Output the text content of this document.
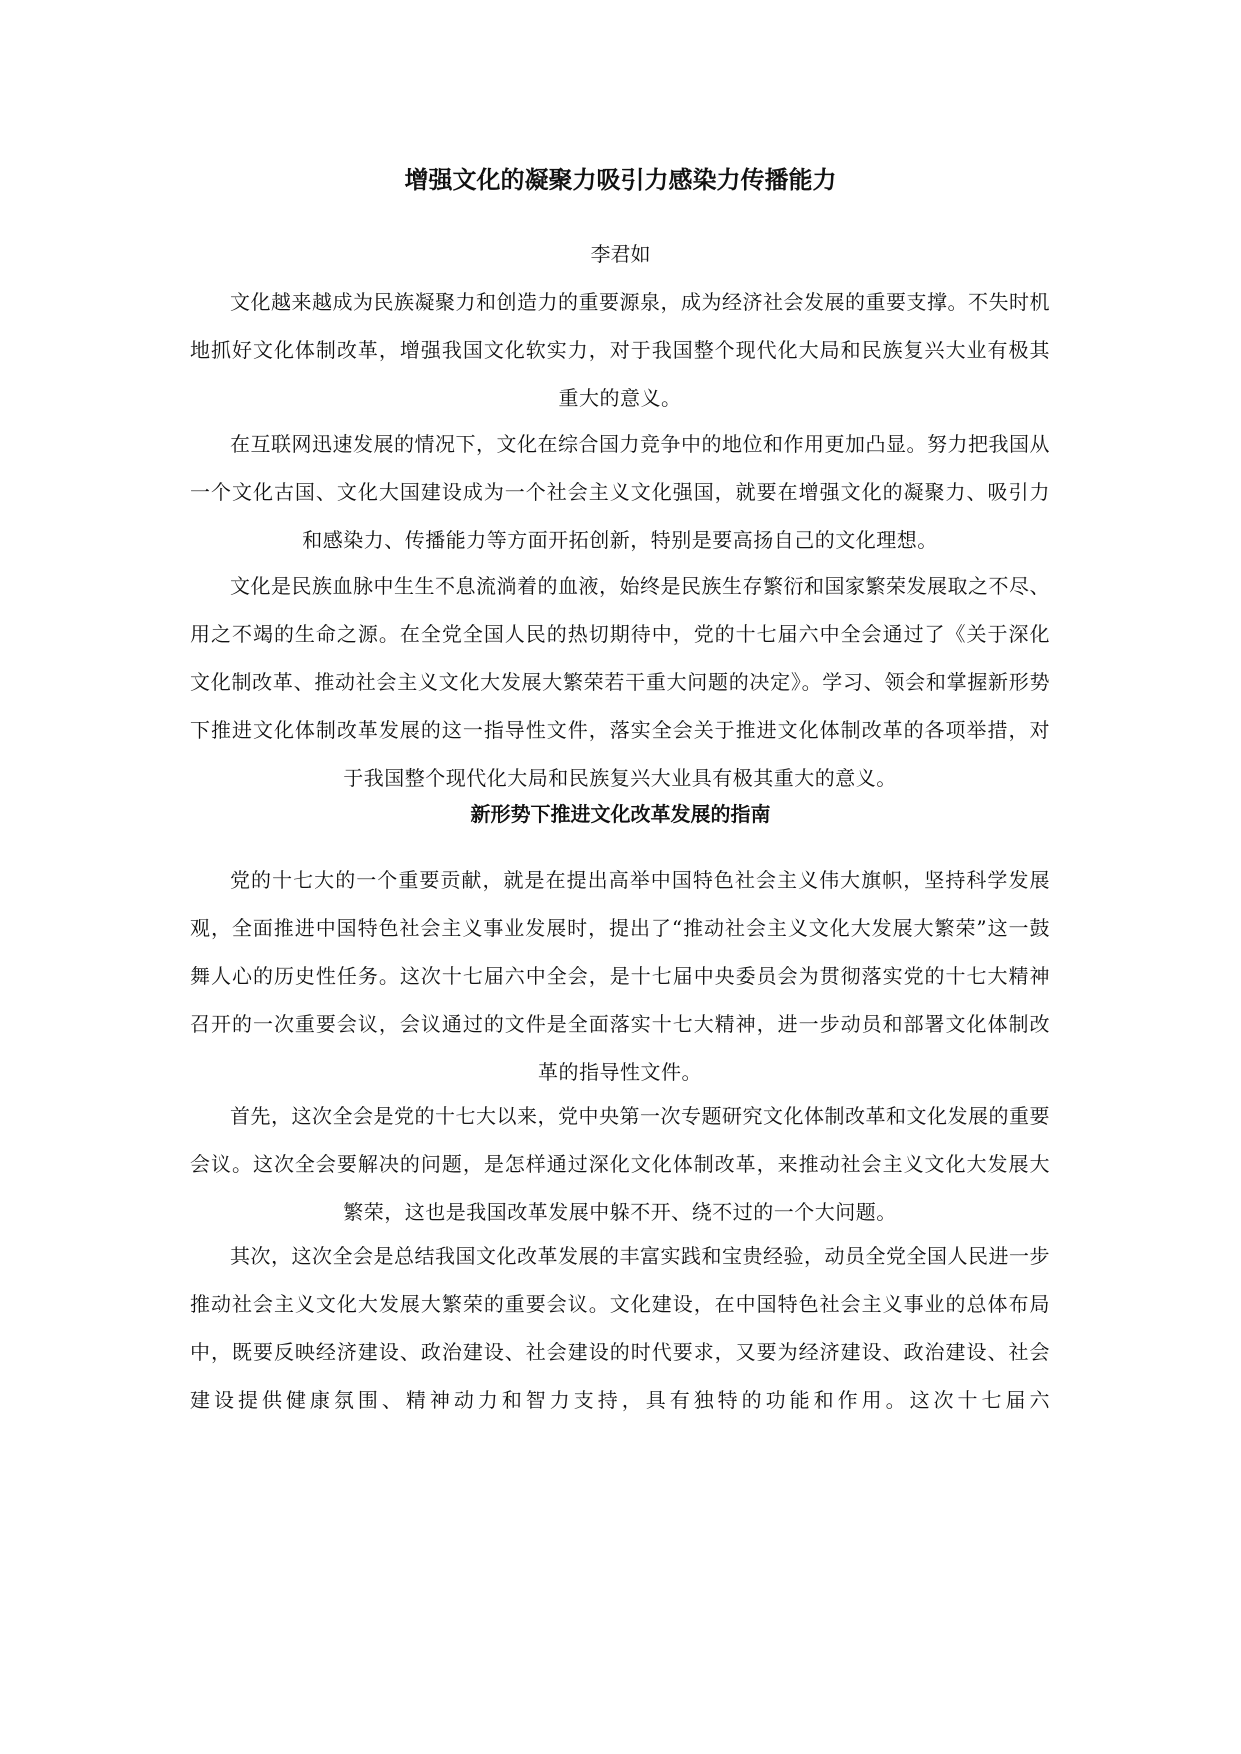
增强文化的凝聚力吸引力感染力传播能力

李君如

文化越来越成为民族凝聚力和创造力的重要源泉，成为经济社会发展的重要支撑。不失时机地抓好文化体制改革，增强我国文化软实力，对于我国整个现代化大局和民族复兴大业有极其重大的意义。

在互联网迅速发展的情况下，文化在综合国力竞争中的地位和作用更加凸显。努力把我国从一个文化古国、文化大国建设成为一个社会主义文化强国，就要在增强文化的凝聚力、吸引力和感染力、传播能力等方面开拓创新，特别是要高扬自己的文化理想。

文化是民族血脉中生生不息流淌着的血液，始终是民族生存繁衍和国家繁荣发展取之不尽、用之不竭的生命之源。在全党全国人民的热切期待中，党的十七届六中全会通过了《关于深化文化制改革、推动社会主义文化大发展大繁荣若干重大问题的决定》。学习、领会和掌握新形势下推进文化体制改革发展的这一指导性文件，落实全会关于推进文化体制改革的各项举措，对于我国整个现代化大局和民族复兴大业具有极其重大的意义。

新形势下推进文化改革发展的指南

党的十七大的一个重要贡献，就是在提出高举中国特色社会主义伟大旗帜，坚持科学发展观，全面推进中国特色社会主义事业发展时，提出了“推动社会主义文化大发展大繁荣”这一鼓舞人心的历史性任务。这次十七届六中全会，是十七届中央委员会为贯彻落实党的十七大精神召开的一次重要会议，会议通过的文件是全面落实十七大精神，进一步动员和部署文化体制改革的指导性文件。

首先，这次全会是党的十七大以来，党中央第一次专题研究文化体制改革和文化发展的重要会议。这次全会要解决的问题，是怎样通过深化文化体制改革，来推动社会主义文化大发展大繁荣，这也是我国改革发展中躲不开、绕不过的一个大问题。

其次，这次全会是总结我国文化改革发展的丰富实践和宝贵经验，动员全党全国人民进一步推动社会主义文化大发展大繁荣的重要会议。文化建设，在中国特色社会主义事业的总体布局中，既要反映经济建设、政治建设、社会建设的时代要求，又要为经济建设、政治建设、社会建设提供健康氛围、精神动力和智力支持，具有独特的功能和作用。这次十七届六
